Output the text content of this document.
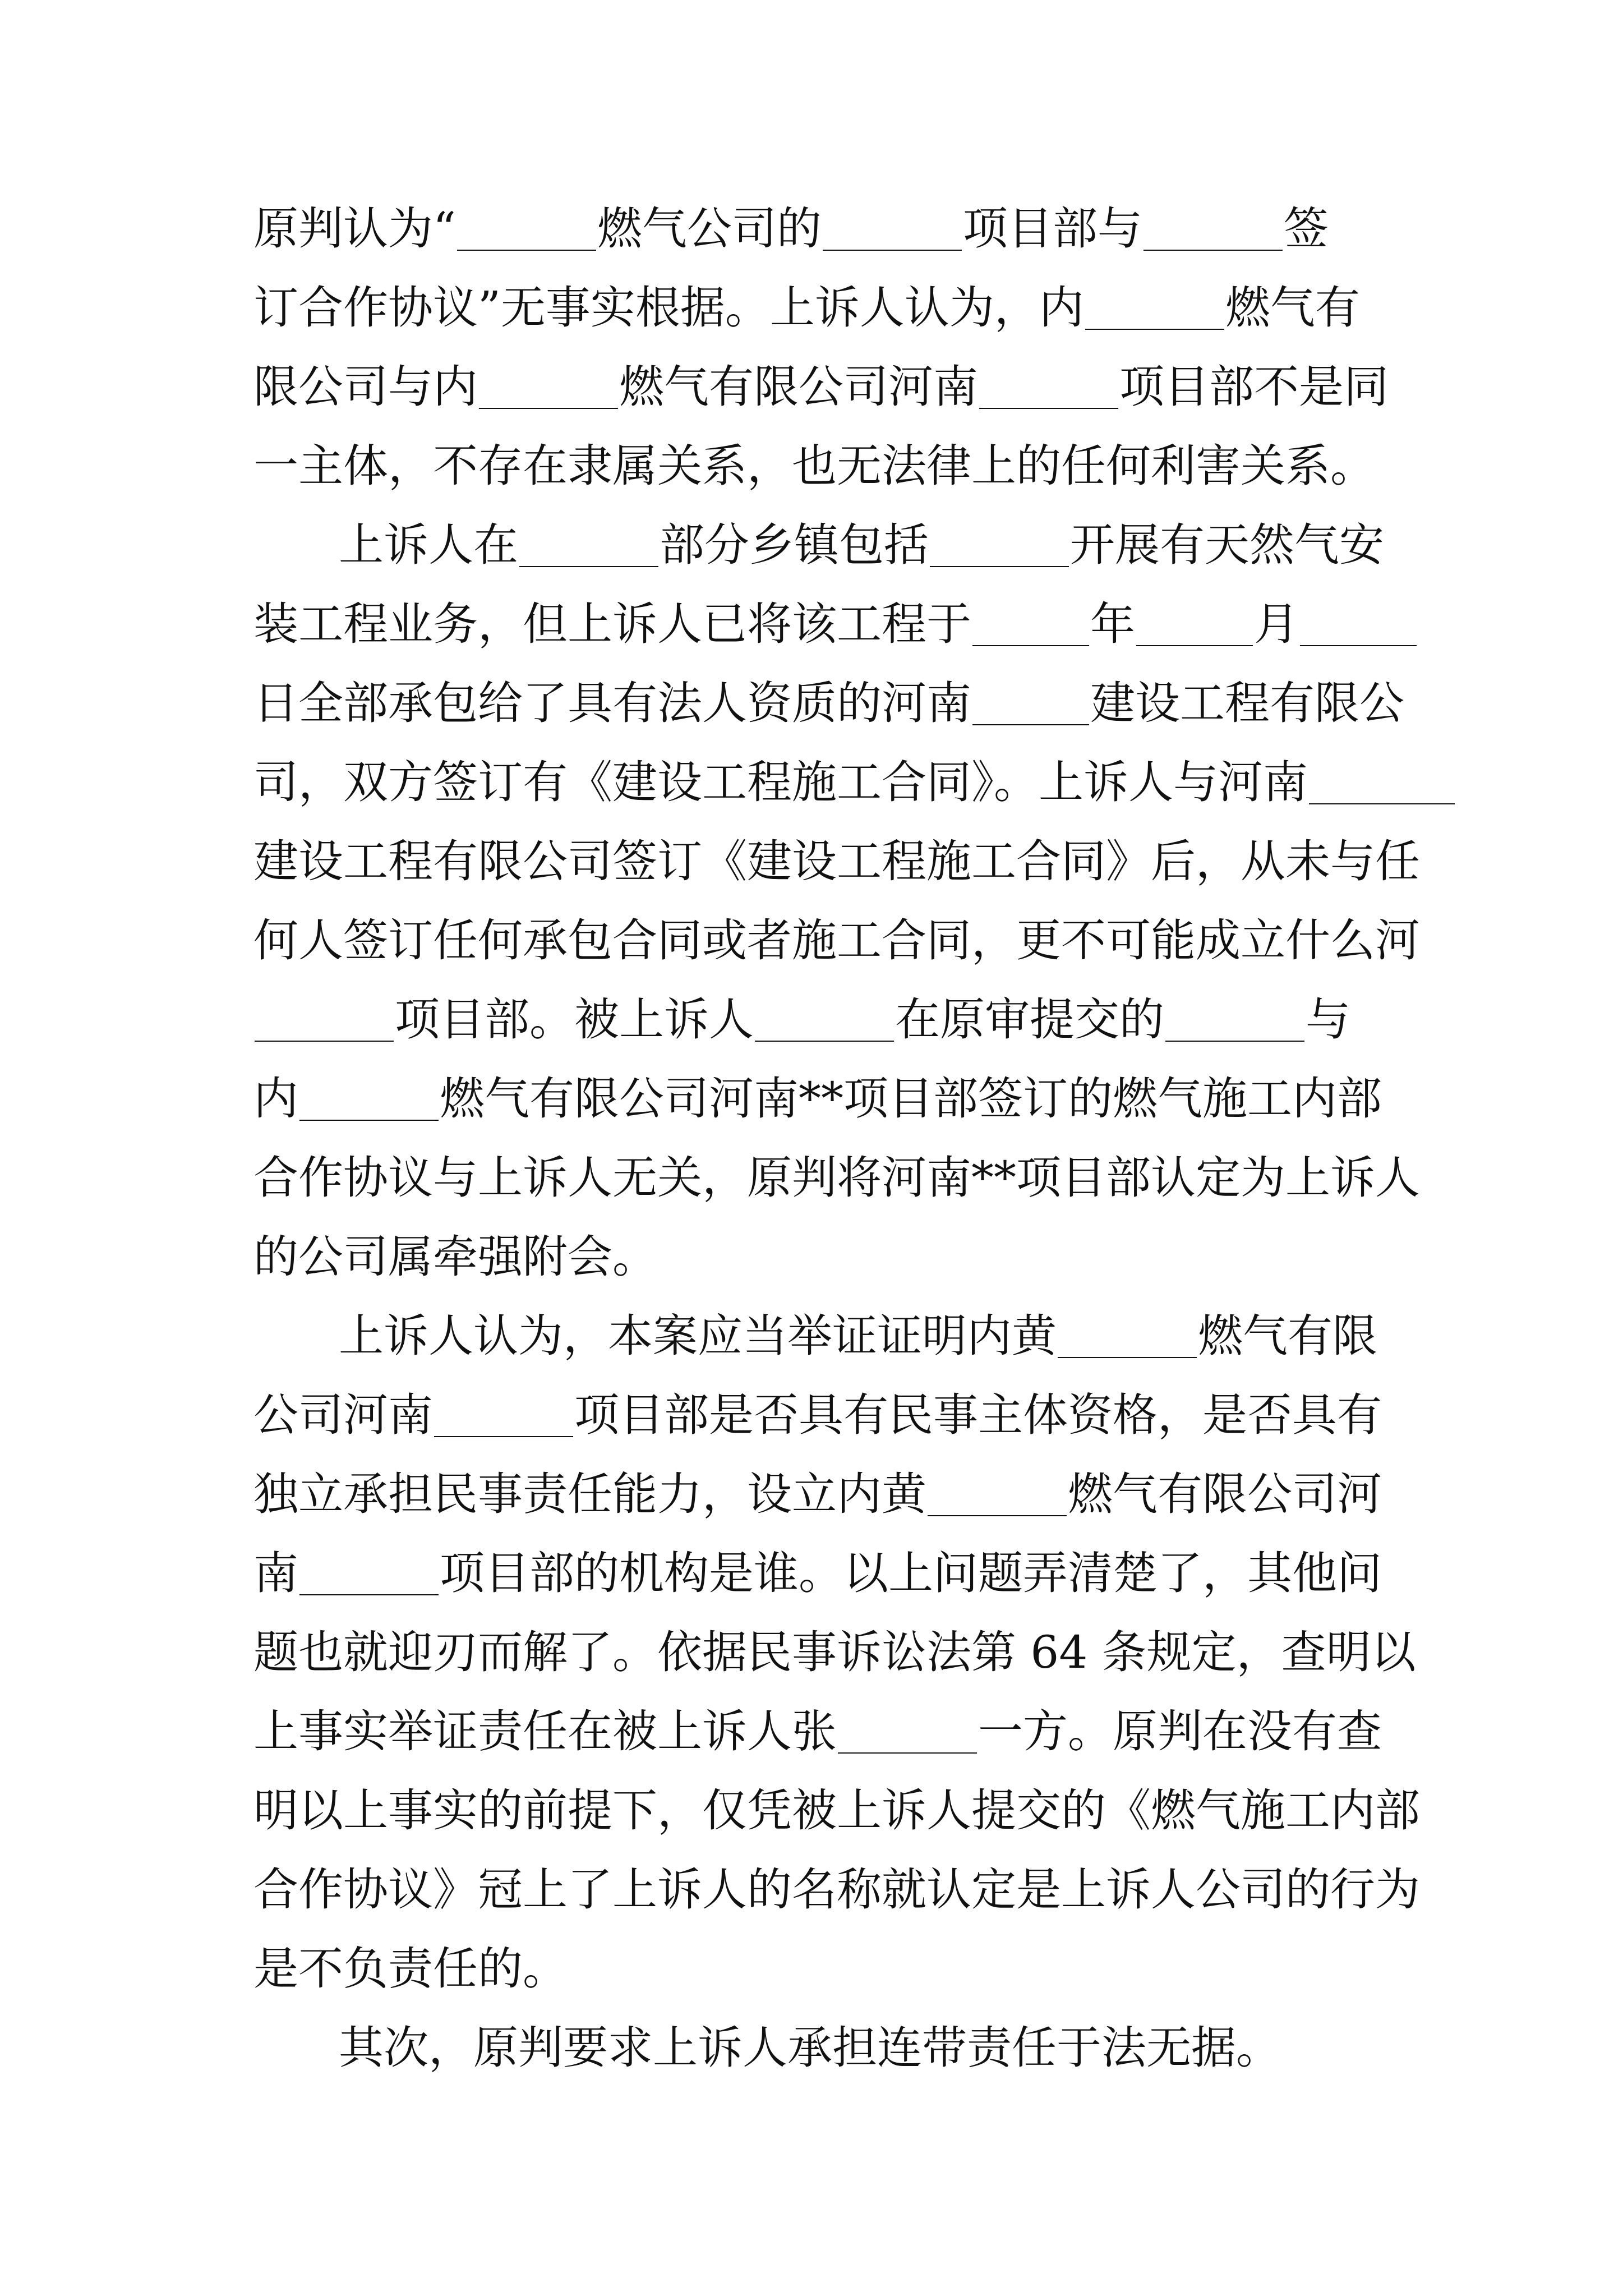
原判认为“	燃气公司的	项目部与	签
订合作协议”无事实根据。上诉人认为，内	燃气有
限公司与内	燃气有限公司河南	项目部不是同
一主体，不存在隶属关系，也无法律上的任何利害关系。
上诉人在	部分乡镇包括	开展有天然气安
装工程业务，但上诉人已将该工程于	年	月
日全部承包给了具有法人资质的河南	建设工程有限公
司，双方签订有《建设工程施工合同》。上诉人与河南
建设工程有限公司签订《建设工程施工合同》后，从未与任
何人签订任何承包合同或者施工合同，更不可能成立什么河
项目部。被上诉人	在原审提交的	与
内	燃气有限公司河南**项目部签订的燃气施工内部
合作协议与上诉人无关，原判将河南**项目部认定为上诉人
的公司属牵强附会。
上诉人认为，本案应当举证证明内黄	燃气有限
公司河南	项目部是否具有民事主体资格，是否具有
独立承担民事责任能力，设立内黄	燃气有限公司河
南	项目部的机构是谁。以上问题弄清楚了，其他问
题也就迎刃而解了。依据民事诉讼法第 64 条规定，查明以
上事实举证责任在被上诉人张	一方。原判在没有查
明以上事实的前提下，仅凭被上诉人提交的《燃气施工内部
合作协议》冠上了上诉人的名称就认定是上诉人公司的行为
是不负责任的。
其次，原判要求上诉人承担连带责任于法无据。
